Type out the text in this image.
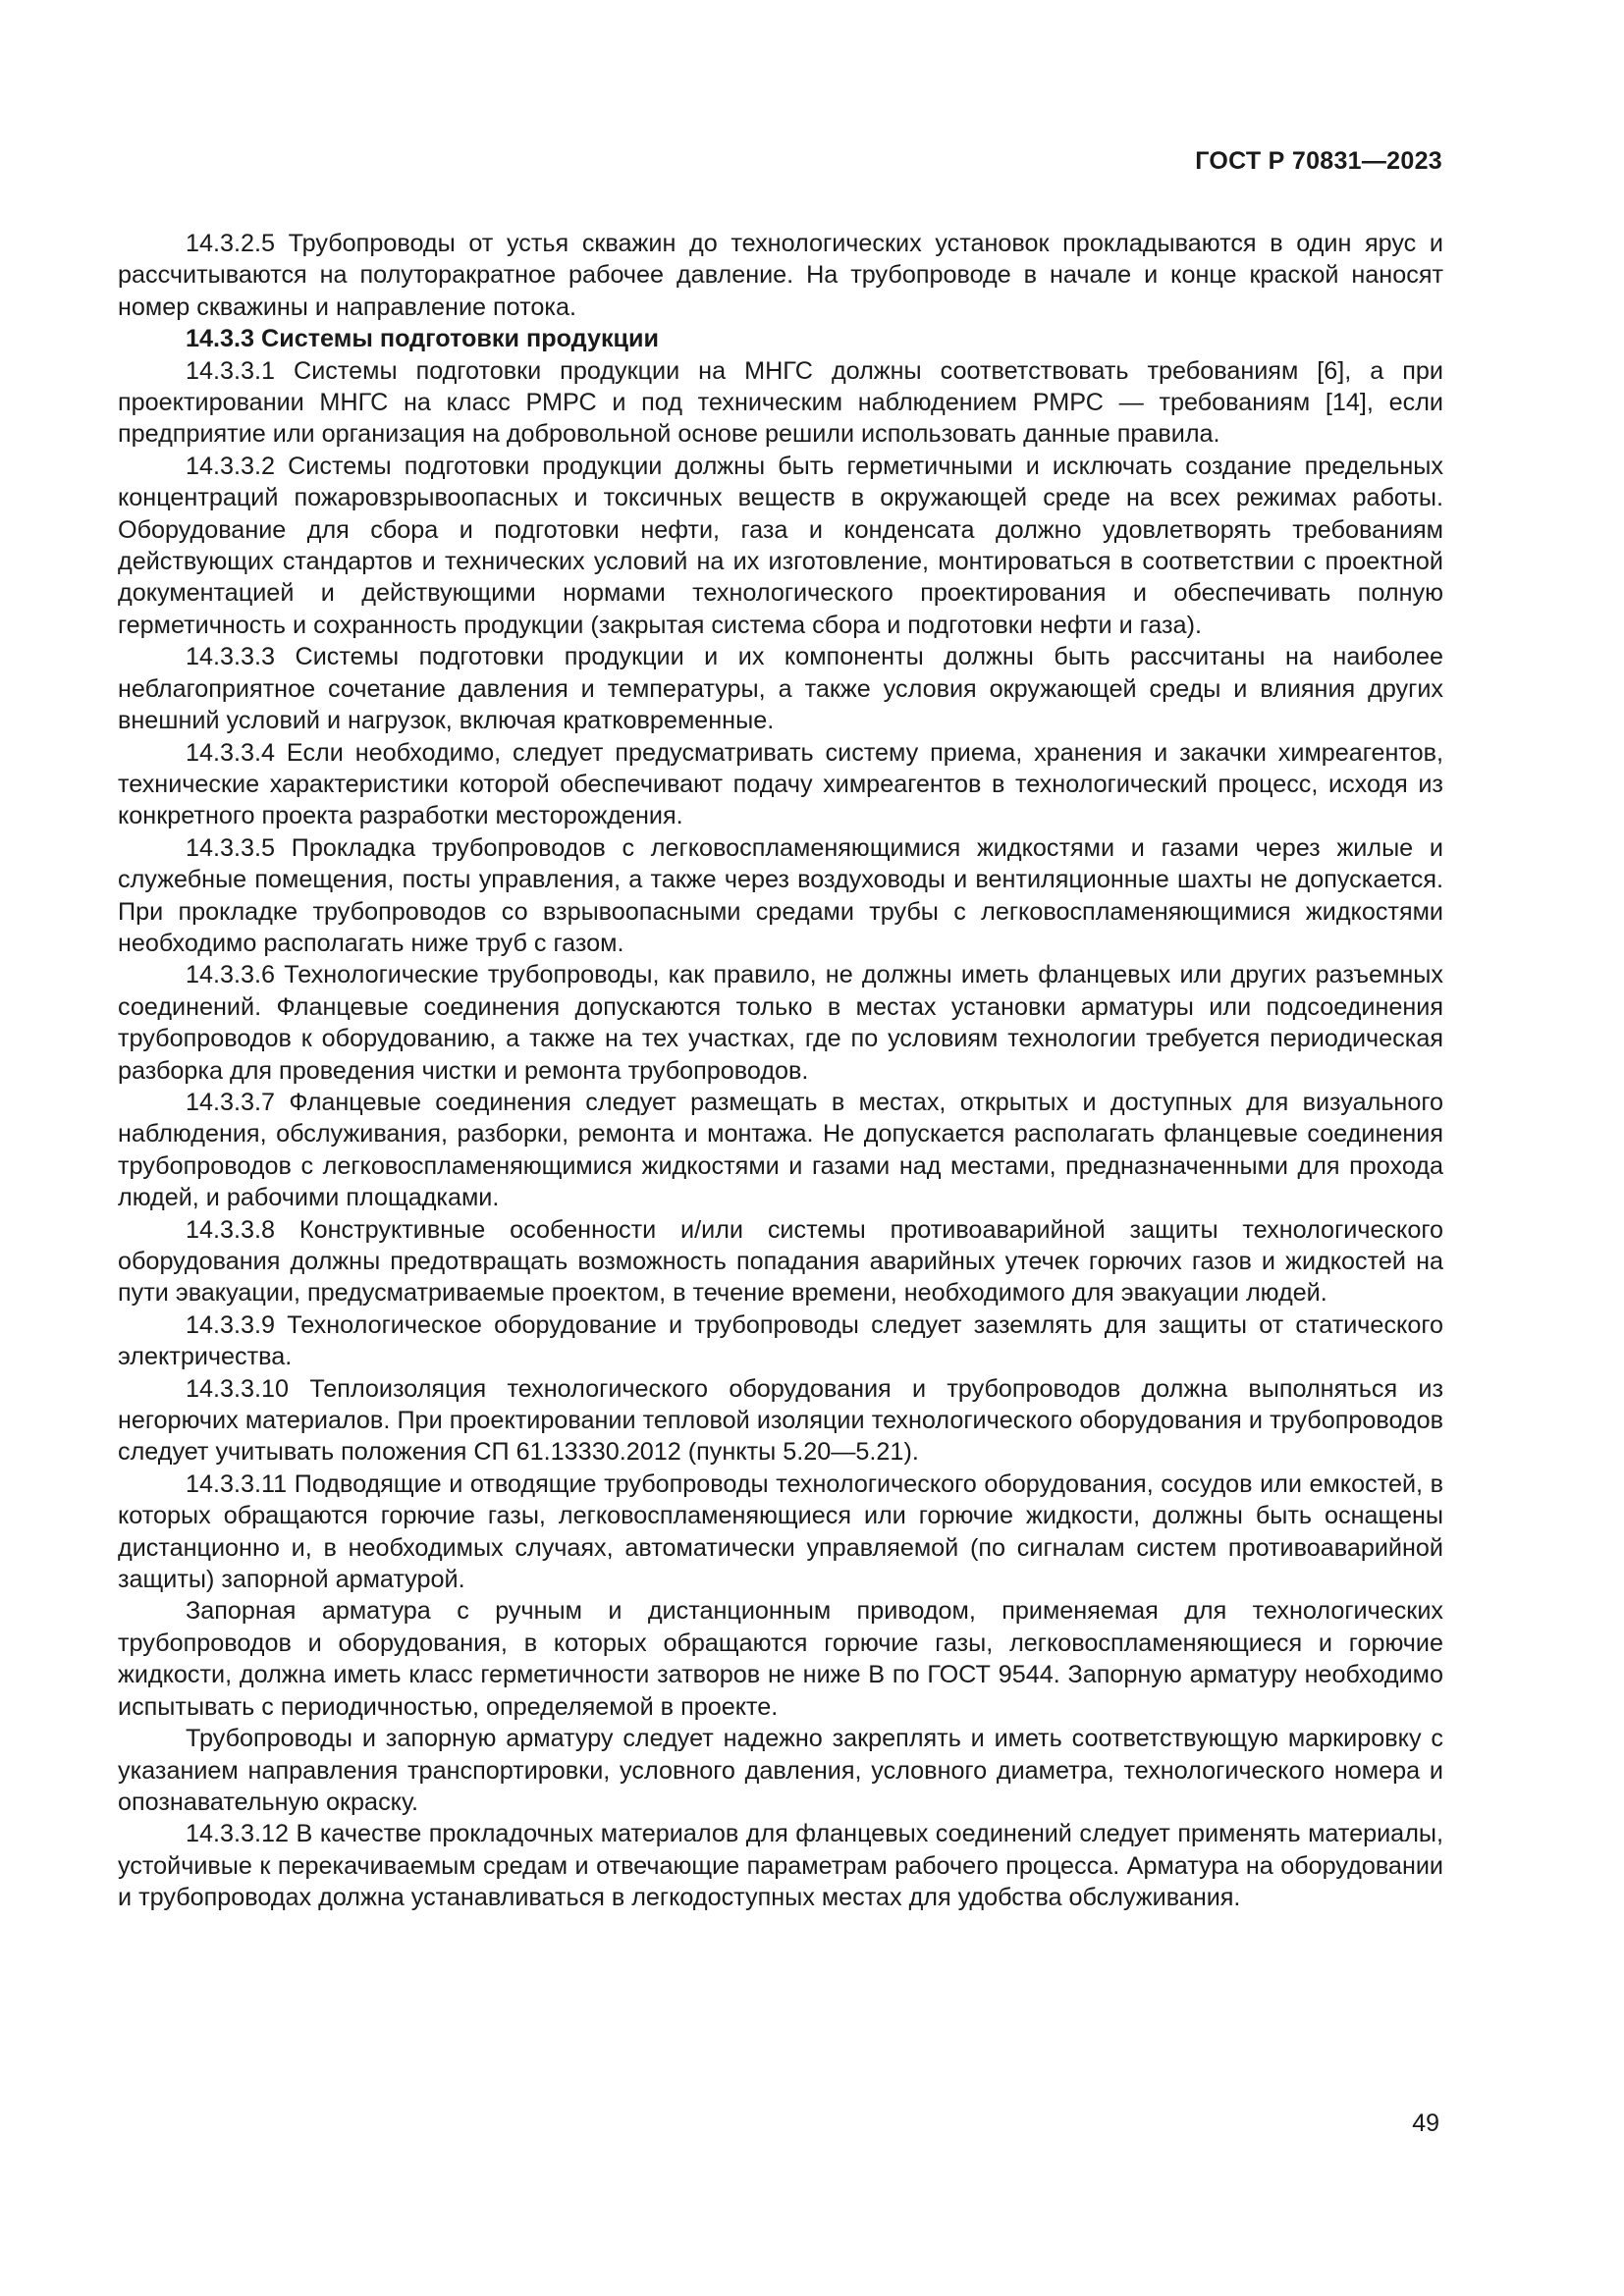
ГОСТ Р 70831—2023

14.3.2.5 Трубопроводы от устья скважин до технологических установок прокладываются в один ярус и рассчитываются на полуторакратное рабочее давление. На трубопроводе в начале и конце краской наносят номер скважины и направление потока.

14.3.3 Системы подготовки продукции

14.3.3.1 Системы подготовки продукции на МНГС должны соответствовать требованиям [6], а при проектировании МНГС на класс РМРС и под техническим наблюдением РМРС — требованиям [14], если предприятие или организация на добровольной основе решили использовать данные правила.

14.3.3.2 Системы подготовки продукции должны быть герметичными и исключать создание предельных концентраций пожаровзрывоопасных и токсичных веществ в окружающей среде на всех режимах работы. Оборудование для сбора и подготовки нефти, газа и конденсата должно удовлетворять требованиям действующих стандартов и технических условий на их изготовление, монтироваться в соответствии с проектной документацией и действующими нормами технологического проектирования и обеспечивать полную герметичность и сохранность продукции (закрытая система сбора и подготовки нефти и газа).

14.3.3.3 Системы подготовки продукции и их компоненты должны быть рассчитаны на наиболее неблагоприятное сочетание давления и температуры, а также условия окружающей среды и влияния других внешний условий и нагрузок, включая кратковременные.

14.3.3.4 Если необходимо, следует предусматривать систему приема, хранения и закачки химреагентов, технические характеристики которой обеспечивают подачу химреагентов в технологический процесс, исходя из конкретного проекта разработки месторождения.

14.3.3.5 Прокладка трубопроводов с легковоспламеняющимися жидкостями и газами через жилые и служебные помещения, посты управления, а также через воздуховоды и вентиляционные шахты не допускается. При прокладке трубопроводов со взрывоопасными средами трубы с легковоспламеняющимися жидкостями необходимо располагать ниже труб с газом.

14.3.3.6 Технологические трубопроводы, как правило, не должны иметь фланцевых или других разъемных соединений. Фланцевые соединения допускаются только в местах установки арматуры или подсоединения трубопроводов к оборудованию, а также на тех участках, где по условиям технологии требуется периодическая разборка для проведения чистки и ремонта трубопроводов.

14.3.3.7 Фланцевые соединения следует размещать в местах, открытых и доступных для визуального наблюдения, обслуживания, разборки, ремонта и монтажа. Не допускается располагать фланцевые соединения трубопроводов с легковоспламеняющимися жидкостями и газами над местами, предназначенными для прохода людей, и рабочими площадками.

14.3.3.8 Конструктивные особенности и/или системы противоаварийной защиты технологического оборудования должны предотвращать возможность попадания аварийных утечек горючих газов и жидкостей на пути эвакуации, предусматриваемые проектом, в течение времени, необходимого для эвакуации людей.

14.3.3.9 Технологическое оборудование и трубопроводы следует заземлять для защиты от статического электричества.

14.3.3.10 Теплоизоляция технологического оборудования и трубопроводов должна выполняться из негорючих материалов. При проектировании тепловой изоляции технологического оборудования и трубопроводов следует учитывать положения СП 61.13330.2012 (пункты 5.20—5.21).

14.3.3.11 Подводящие и отводящие трубопроводы технологического оборудования, сосудов или емкостей, в которых обращаются горючие газы, легковоспламеняющиеся или горючие жидкости, должны быть оснащены дистанционно и, в необходимых случаях, автоматически управляемой (по сигналам систем противоаварийной защиты) запорной арматурой.

Запорная арматура с ручным и дистанционным приводом, применяемая для технологических трубопроводов и оборудования, в которых обращаются горючие газы, легковоспламеняющиеся и горючие жидкости, должна иметь класс герметичности затворов не ниже В по ГОСТ 9544. Запорную арматуру необходимо испытывать с периодичностью, определяемой в проекте.

Трубопроводы и запорную арматуру следует надежно закреплять и иметь соответствующую маркировку с указанием направления транспортировки, условного давления, условного диаметра, технологического номера и опознавательную окраску.

14.3.3.12 В качестве прокладочных материалов для фланцевых соединений следует применять материалы, устойчивые к перекачиваемым средам и отвечающие параметрам рабочего процесса. Арматура на оборудовании и трубопроводах должна устанавливаться в легкодоступных местах для удобства обслуживания.

49
